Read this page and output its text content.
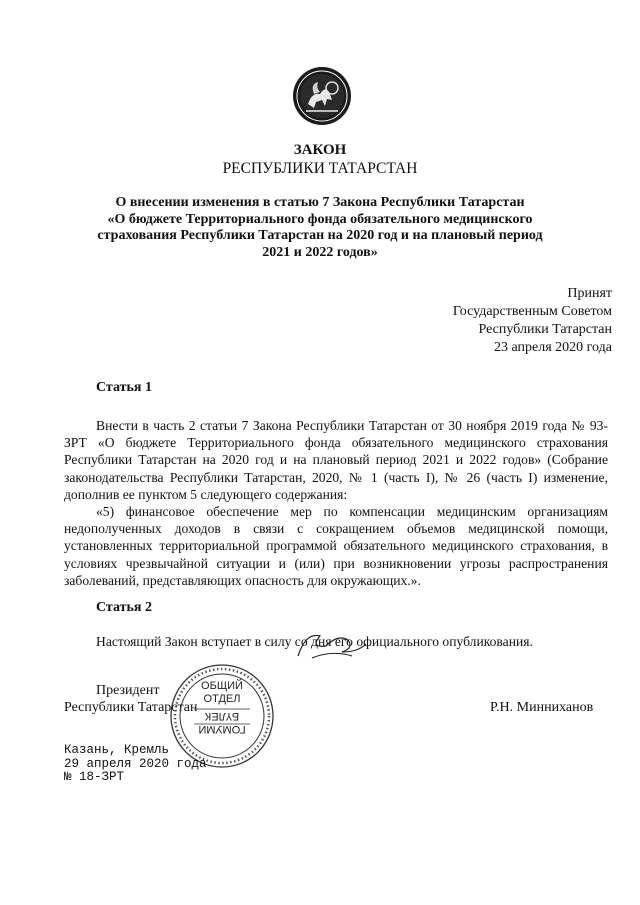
ЗАКОН
РЕСПУБЛИКИ ТАТАРСТАН
О внесении изменения в статью 7 Закона Республики Татарстан
«О бюджете Территориального фонда обязательного медицинского
страхования Республики Татарстан на 2020 год и на плановый период
2021 и 2022 годов»
Принят
Государственным Советом
Республики Татарстан
23 апреля 2020 года
Статья 1

Внести в часть 2 статьи 7 Закона Республики Татарстан от 30 ноября 2019 года № 93-ЗРТ «О бюджете Территориального фонда обязательного медицинского страхования Республики Татарстан на 2020 год и на плановый период 2021 и 2022 годов» (Собрание законодательства Республики Татарстан, 2020, № 1 (часть I), № 26 (часть I) изменение, дополнив ее пунктом 5 следующего содержания:

«5) финансовое обеспечение мер по компенсации медицинским организациям недополученных доходов в связи с сокращением объемов медицинской помощи, установленных территориальной программой обязательного медицинского страхования, в условиях чрезвычайной ситуации и (или) при возникновении угрозы распространения заболеваний, представляющих опасность для окружающих.».

Статья 2

Настоящий Закон вступает в силу со дня его официального опубликования.

Президент
Республики Татарстан	Р.Н. Минниханов
ОБЩИЙ
ОТДЕЛ
БҮЛЕК
ГОМУМИ
Казань, Кремль
29 апреля 2020 года
№ 18-ЗРТ
